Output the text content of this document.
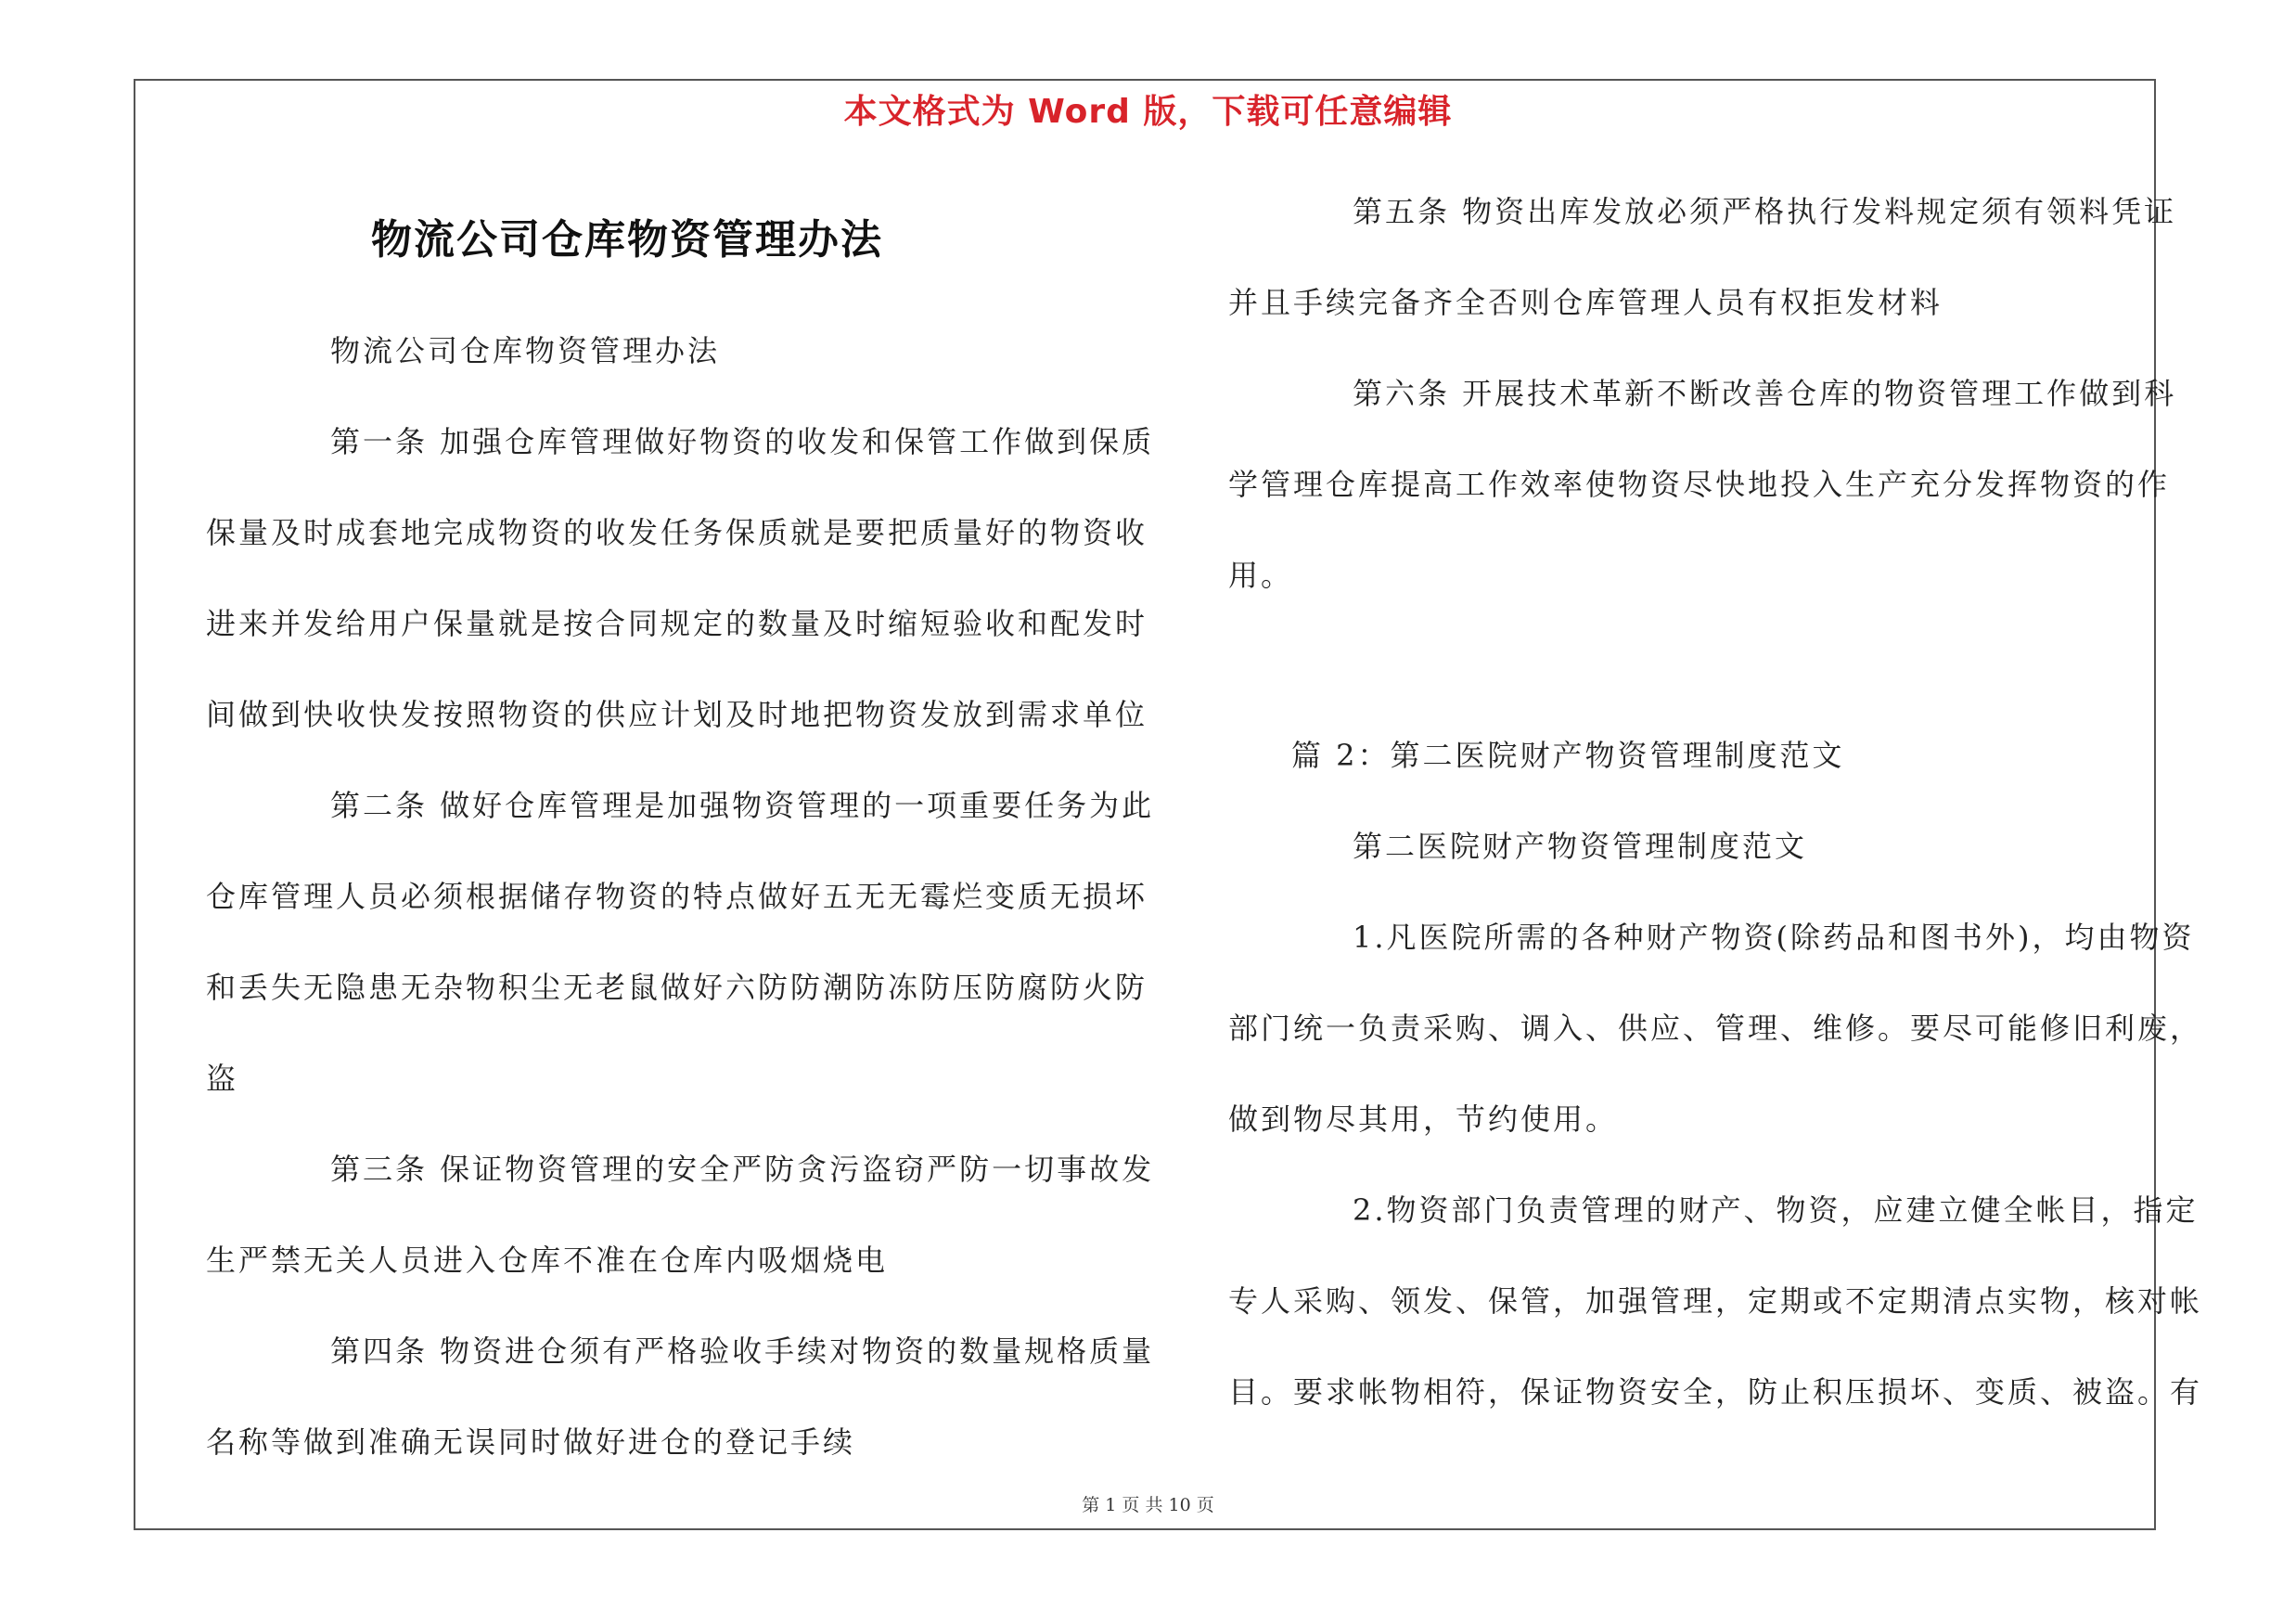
本文格式为 Word 版，下载可任意编辑
物流公司仓库物资管理办法
物流公司仓库物资管理办法
第一条 加强仓库管理做好物资的收发和保管工作做到保质
保量及时成套地完成物资的收发任务保质就是要把质量好的物资收
进来并发给用户保量就是按合同规定的数量及时缩短验收和配发时
间做到快收快发按照物资的供应计划及时地把物资发放到需求单位
第二条 做好仓库管理是加强物资管理的一项重要任务为此
仓库管理人员必须根据储存物资的特点做好五无无霉烂变质无损坏
和丢失无隐患无杂物积尘无老鼠做好六防防潮防冻防压防腐防火防
盗
第三条 保证物资管理的安全严防贪污盗窃严防一切事故发
生严禁无关人员进入仓库不准在仓库内吸烟烧电
第四条 物资进仓须有严格验收手续对物资的数量规格质量
名称等做到准确无误同时做好进仓的登记手续
第五条 物资出库发放必须严格执行发料规定须有领料凭证
并且手续完备齐全否则仓库管理人员有权拒发材料
第六条 开展技术革新不断改善仓库的物资管理工作做到科
学管理仓库提高工作效率使物资尽快地投入生产充分发挥物资的作
用。
篇 2：第二医院财产物资管理制度范文
第二医院财产物资管理制度范文
1.凡医院所需的各种财产物资(除药品和图书外)，均由物资
部门统一负责采购、调入、供应、管理、维修。要尽可能修旧利废，
做到物尽其用，节约使用。
2.物资部门负责管理的财产、物资，应建立健全帐目，指定
专人采购、领发、保管，加强管理，定期或不定期清点实物，核对帐
目。要求帐物相符，保证物资安全，防止积压损坏、变质、被盗。有
第 1 页 共 10 页
